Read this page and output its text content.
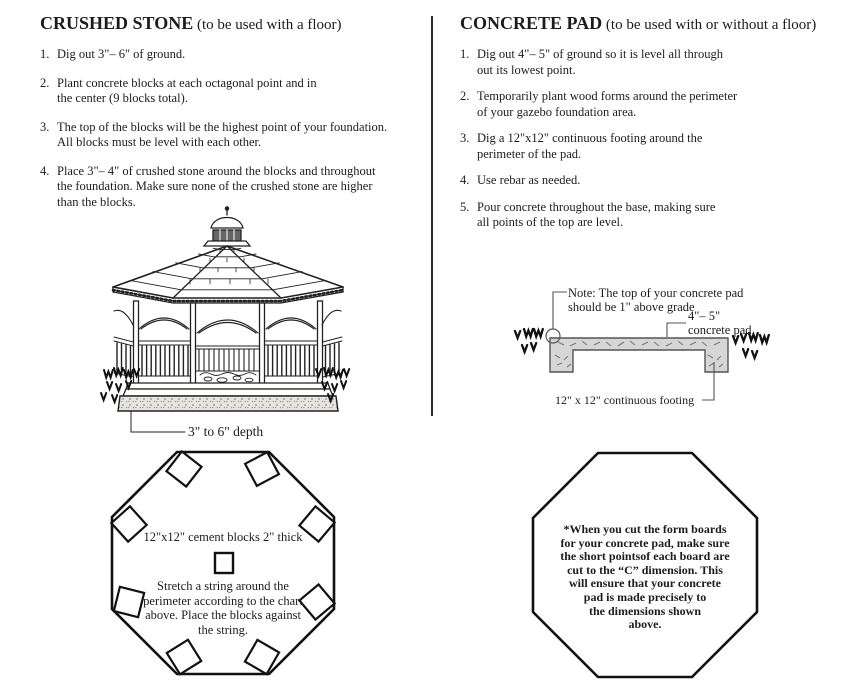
CRUSHED STONE (to be used with a floor)
1. Dig out 3"– 6" of ground.
2. Plant concrete blocks at each octagonal point and in
the center (9 blocks total).
3. The top of the blocks will be the highest point of your foundation.
All blocks must be level with each other.
4. Place 3"– 4" of crushed stone around the blocks and throughout
the foundation. Make sure none of the crushed stone are higher
than the blocks.
CONCRETE PAD (to be used with or without a floor)
1. Dig out 4"– 5" of ground so it is level all through
out its lowest point.
2. Temporarily plant wood forms around the perimeter
of your gazebo foundation area.
3. Dig a 12"x12" continuous footing around the
perimeter of the pad.
4. Use rebar as needed.
5. Pour concrete throughout the base, making sure
all points of the top are level.
3" to 6" depth
12"x12" cement blocks 2" thick
Stretch a string around the
perimeter according to the chart
above. Place the blocks against
the string.
Note: The top of your concrete pad
should be 1" above grade
4"– 5"
concrete pad
12" x 12" continuous footing
*When you cut the form boards
for your concrete pad, make sure
the short pointsof each board are
cut to the “C” dimension. This
will ensure that your concrete
pad is made precisely to
the dimensions shown
above.
